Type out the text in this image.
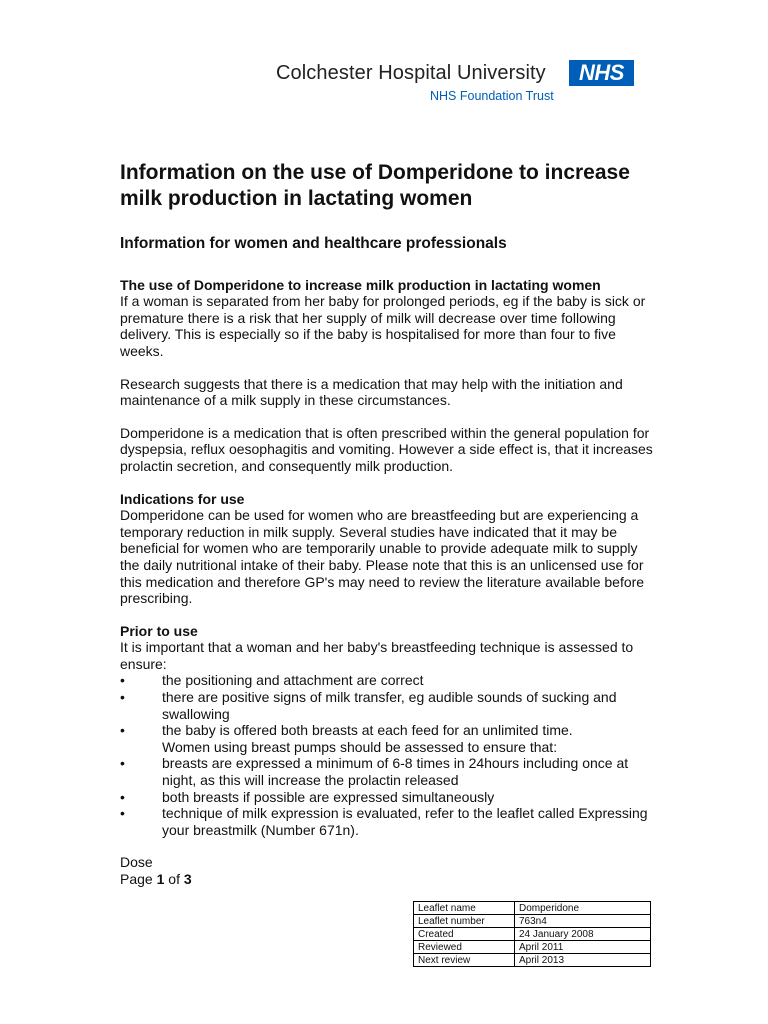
Colchester Hospital University	NHS
NHS Foundation Trust
Information on the use of Domperidone to increase milk production in lactating women
Information for women and healthcare professionals
The use of Domperidone to increase milk production in lactating women

If a woman is separated from her baby for prolonged periods, eg if the baby is sick or premature there is a risk that her supply of milk will decrease over time following delivery. This is especially so if the baby is hospitalised for more than four to five weeks.

Research suggests that there is a medication that may help with the initiation and maintenance of a milk supply in these circumstances.

Domperidone is a medication that is often prescribed within the general population for dyspepsia, reflux oesophagitis and vomiting. However a side effect is, that it increases prolactin secretion, and consequently milk production.

Indications for use

Domperidone can be used for women who are breastfeeding but are experiencing a temporary reduction in milk supply. Several studies have indicated that it may be beneficial for women who are temporarily unable to provide adequate milk to supply the daily nutritional intake of their baby. Please note that this is an unlicensed use for this medication and therefore GP's may need to review the literature available before prescribing.

Prior to use
It is important that a woman and her baby's breastfeeding technique is assessed to ensure:
•	the positioning and attachment are correct
•	there are positive signs of milk transfer, eg audible sounds of sucking and swallowing
•	the baby is offered both breasts at each feed for an unlimited time.
Women using breast pumps should be assessed to ensure that:
•	breasts are expressed a minimum of 6-8 times in 24hours including once at night, as this will increase the prolactin released
•	both breasts if possible are expressed simultaneously
•	technique of milk expression is evaluated, refer to the leaflet called Expressing your breastmilk (Number 671n).
Dose
Page 1 of 3
Leaflet name	Domperidone
Leaflet number	763n4
Created	24 January 2008
Reviewed	April 2011
Next review	April 2013
